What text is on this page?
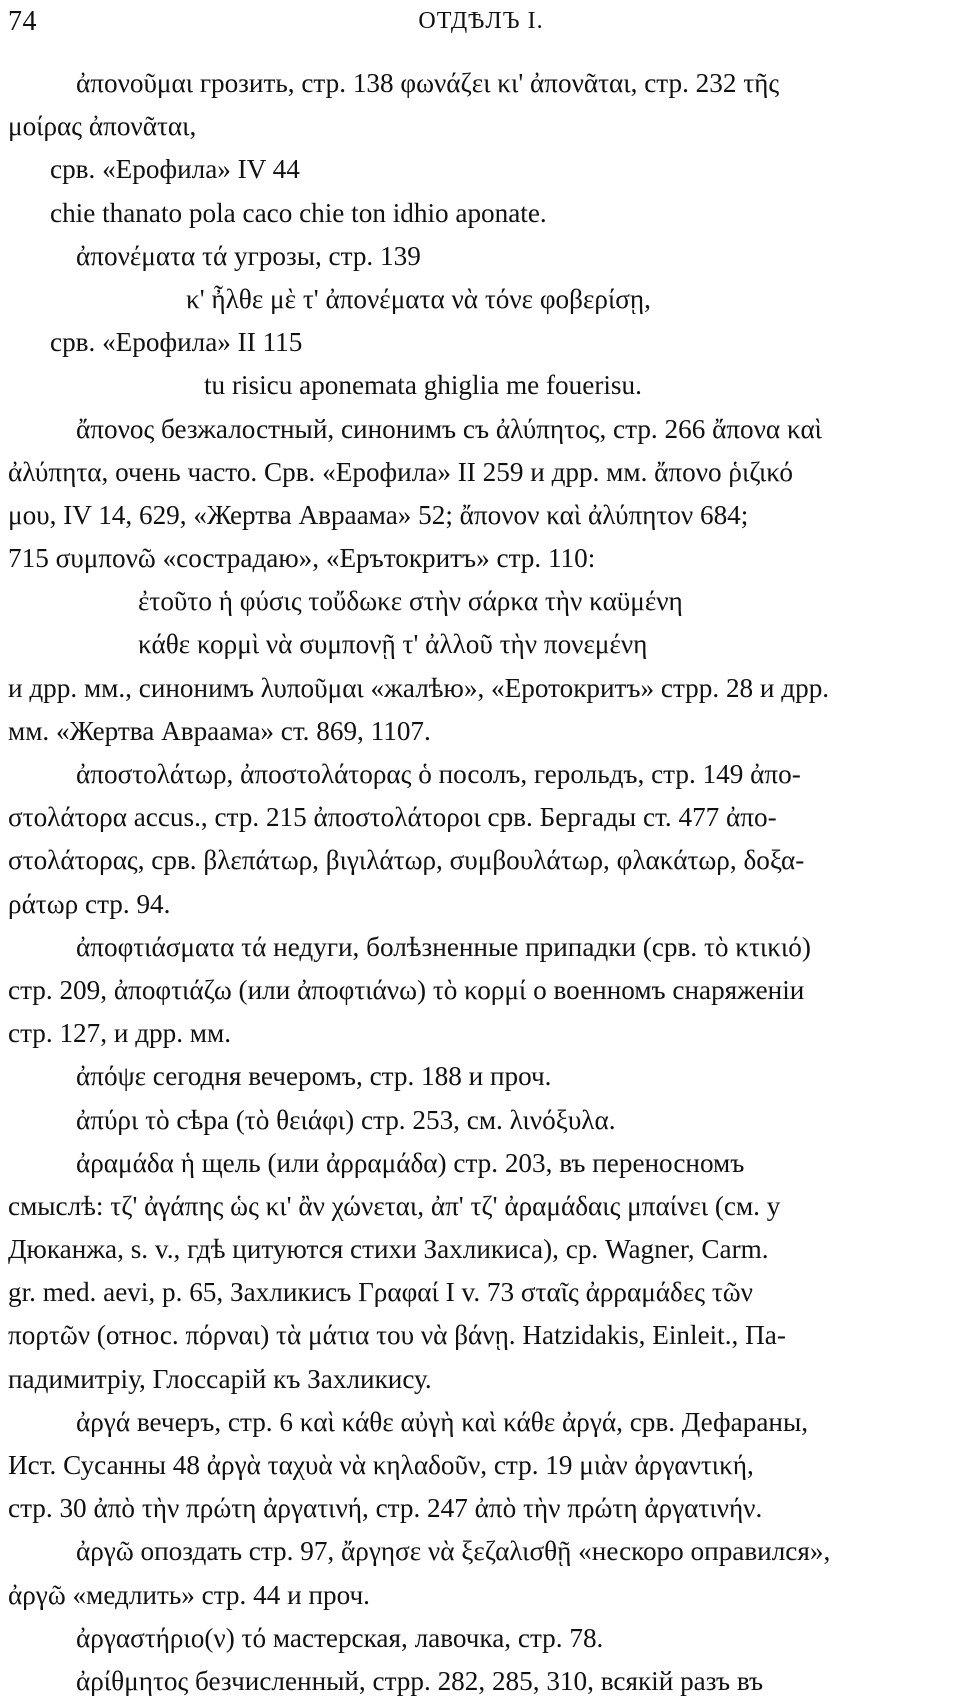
74	ОТДѢЛЪ I.
ἀπονοῦμαι грозить, стр. 138 φωνάζει κι' ἀπονᾶται, стр. 232 τῆς
μοίρας ἀπονᾶται,
срв. «Ерофила» IV 44
chie thanato pola caco chie ton idhio aponate.
ἀπονέματα τά угрозы, стр. 139
κ' ἦλθε μὲ τ' ἀπονέματα νὰ τόνε φοβερίσῃ,
срв. «Ерофила» II 115
tu risicu aponemata ghiglia me fouerisu.
ἄπονος безжалостный, синонимъ съ ἀλύπητος, стр. 266 ἄπονα καὶ
ἀλύπητα, очень часто. Срв. «Ерофила» II 259 и дрр. мм. ἄπονο ῥιζικό
μου, IV 14, 629, «Жертва Авраама» 52; ἄπονον καὶ ἀλύπητον 684;
715 συμπονῶ «сострадаю», «Ерътокритъ» стр. 110:
ἐτοῦτο ἡ φύσις τοὔδωκε στὴν σάρκα τὴν καϋμένη
κάθε κορμὶ νὰ συμπονῇ τ' ἀλλοῦ τὴν πονεμένη
и дрр. мм., синонимъ λυποῦμαι «жалѣю», «Еротокритъ» стрр. 28 и дрр.
мм. «Жертва Авраама» ст. 869, 1107.
ἀποστολάτωρ, ἀποστολάτορας ὁ посолъ, герольдъ, стр. 149 ἀπο-
στολάτορα accus., стр. 215 ἀποστολάτοροι срв. Бергады ст. 477 ἀπο-
στολάτορας, срв. βλεπάτωρ, βιγιλάτωρ, συμβουλάτωρ, φλακάτωρ, δοξα-
ράτωρ стр. 94.
ἀποφτιάσματα τά недуги, болѣзненные припадки (срв. τὸ κτικιό)
стр. 209, ἀποφτιάζω (или ἀποφτιάνω) τὸ κορμί о военномъ снаряженіи
стр. 127, и дрр. мм.
ἀπόψε сегодня вечеромъ, стр. 188 и проч.
ἀπύρι τὸ сѣра (τὸ θειάφι) стр. 253, см. λινόξυλα.
ἀραμάδα ἡ щель (или ἀρραμάδα) стр. 203, въ переносномъ
смыслѣ: τζ' ἀγάπης ὡς κι' ἂν χώνεται, ἀπ' τζ' ἀραμάδαις μπαίνει (см. у
Дюканжа, s. v., гдѣ цитуются стихи Захликиса), ср. Wagner, Carm.
gr. med. aevi, p. 65, Захликисъ Γραφαί I v. 73 σταῖς ἀρραμάδες τῶν
πορτῶν (относ. πόρναι) τὰ μάτια του νὰ βάνῃ. Hatzidakis, Einleit., Па-
падимитріу, Глоссарій къ Захликису.
ἀργά вечеръ, стр. 6 καὶ κάθε αὐγὴ καὶ κάθε ἀργά, срв. Дефараны,
Ист. Сусанны 48 ἀργὰ ταχυὰ νὰ κηλαδοῦν, стр. 19 μιὰν ἀργαντική,
стр. 30 ἀπὸ τὴν πρώτη ἀργατινή, стр. 247 ἀπὸ τὴν πρώτη ἀργατινήν.
ἀργῶ опоздать стр. 97, ἄργησε νὰ ξεζαλισθῇ «нескоро оправился»,
ἀργῶ «медлить» стр. 44 и проч.
ἀργαστήριο(ν) τό мастерская, лавочка, стр. 78.
ἀρίθμητος безчисленный, стрр. 282, 285, 310, всякій разъ въ
